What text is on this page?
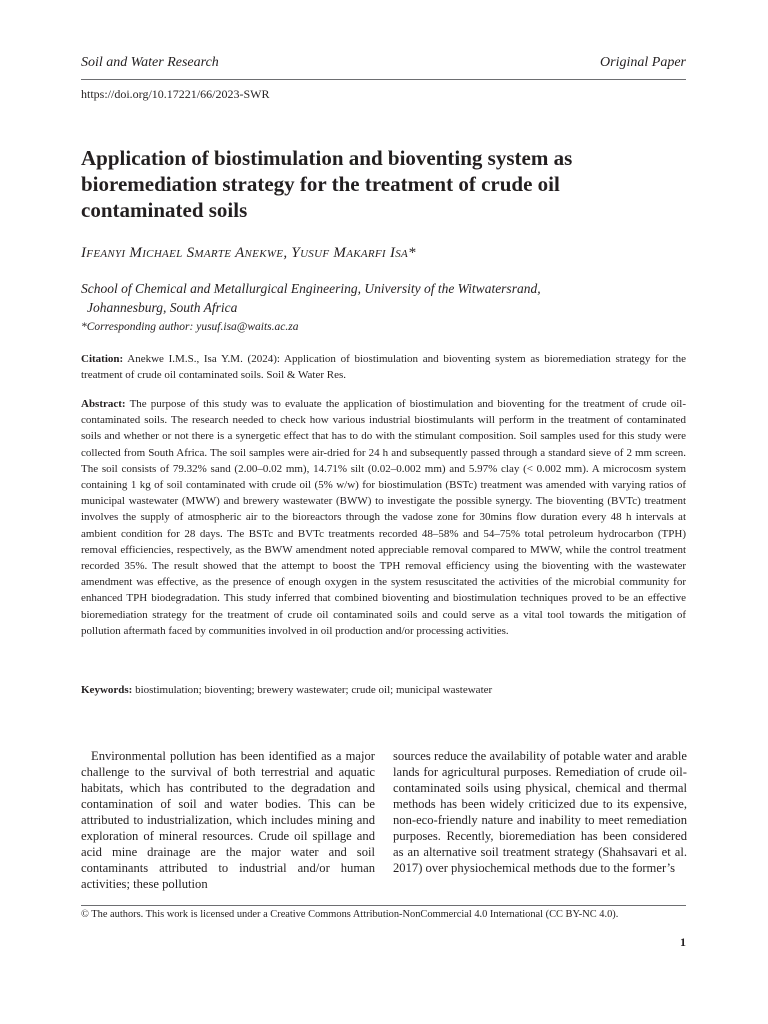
Soil and Water Research	Original Paper
https://doi.org/10.17221/66/2023-SWR
Application of biostimulation and bioventing system as bioremediation strategy for the treatment of crude oil contaminated soils
Ifeanyi Michael Smarte Anekwe, Yusuf Makarfi Isa*
School of Chemical and Metallurgical Engineering, University of the Witwatersrand,
Johannesburg, South Africa
*Corresponding author: yusuf.isa@waits.ac.za
Citation: Anekwe I.M.S., Isa Y.M. (2024): Application of biostimulation and bioventing system as bioremediation strategy for the treatment of crude oil contaminated soils. Soil & Water Res.
Abstract: The purpose of this study was to evaluate the application of biostimulation and bioventing for the treatment of crude oil-contaminated soils. The research needed to check how various industrial biostimulants will perform in the treatment of contaminated soils and whether or not there is a synergetic effect that has to do with the stimulant composition. Soil samples used for this study were collected from South Africa. The soil samples were air-dried for 24 h and subsequently passed through a standard sieve of 2 mm screen. The soil consists of 79.32% sand (2.00–0.02 mm), 14.71% silt (0.02–0.002 mm) and 5.97% clay (< 0.002 mm). A microcosm system containing 1 kg of soil contaminated with crude oil (5% w/w) for biostimulation (BSTc) treatment was amended with varying ratios of municipal wastewater (MWW) and brewery wastewater (BWW) to investigate the possible synergy. The bioventing (BVTc) treatment involves the supply of atmospheric air to the bioreactors through the vadose zone for 30mins flow duration every 48 h intervals at ambient condition for 28 days. The BSTc and BVTc treatments recorded 48–58% and 54–75% total petroleum hydrocarbon (TPH) removal efficiencies, respectively, as the BWW amendment noted appreciable removal compared to MWW, while the control treatment recorded 35%. The result showed that the attempt to boost the TPH removal efficiency using the bioventing with the wastewater amendment was effective, as the presence of enough oxygen in the system resuscitated the activities of the microbial community for enhanced TPH biodegradation. This study inferred that combined bioventing and biostimulation techniques proved to be an effective bioremediation strategy for the treatment of crude oil contaminated soils and could serve as a vital tool towards the mitigation of pollution aftermath faced by communities involved in oil production and/or processing activities.
Keywords: biostimulation; bioventing; brewery wastewater; crude oil; municipal wastewater
Environmental pollution has been identified as a major challenge to the survival of both terrestrial and aquatic habitats, which has contributed to the degradation and contamination of soil and water bodies. This can be attributed to industrialization, which includes mining and exploration of mineral resources. Crude oil spillage and acid mine drainage are the major water and soil contaminants attributed to industrial and/or human activities; these pollution
sources reduce the availability of potable water and arable lands for agricultural purposes. Remediation of crude oil-contaminated soils using physical, chemical and thermal methods has been widely criticized due to its expensive, non-eco-friendly nature and inability to meet remediation purposes. Recently, bioremediation has been considered as an alternative soil treatment strategy (Shahsavari et al. 2017) over physiochemical methods due to the former’s
© The authors. This work is licensed under a Creative Commons Attribution-NonCommercial 4.0 International (CC BY-NC 4.0).
1
